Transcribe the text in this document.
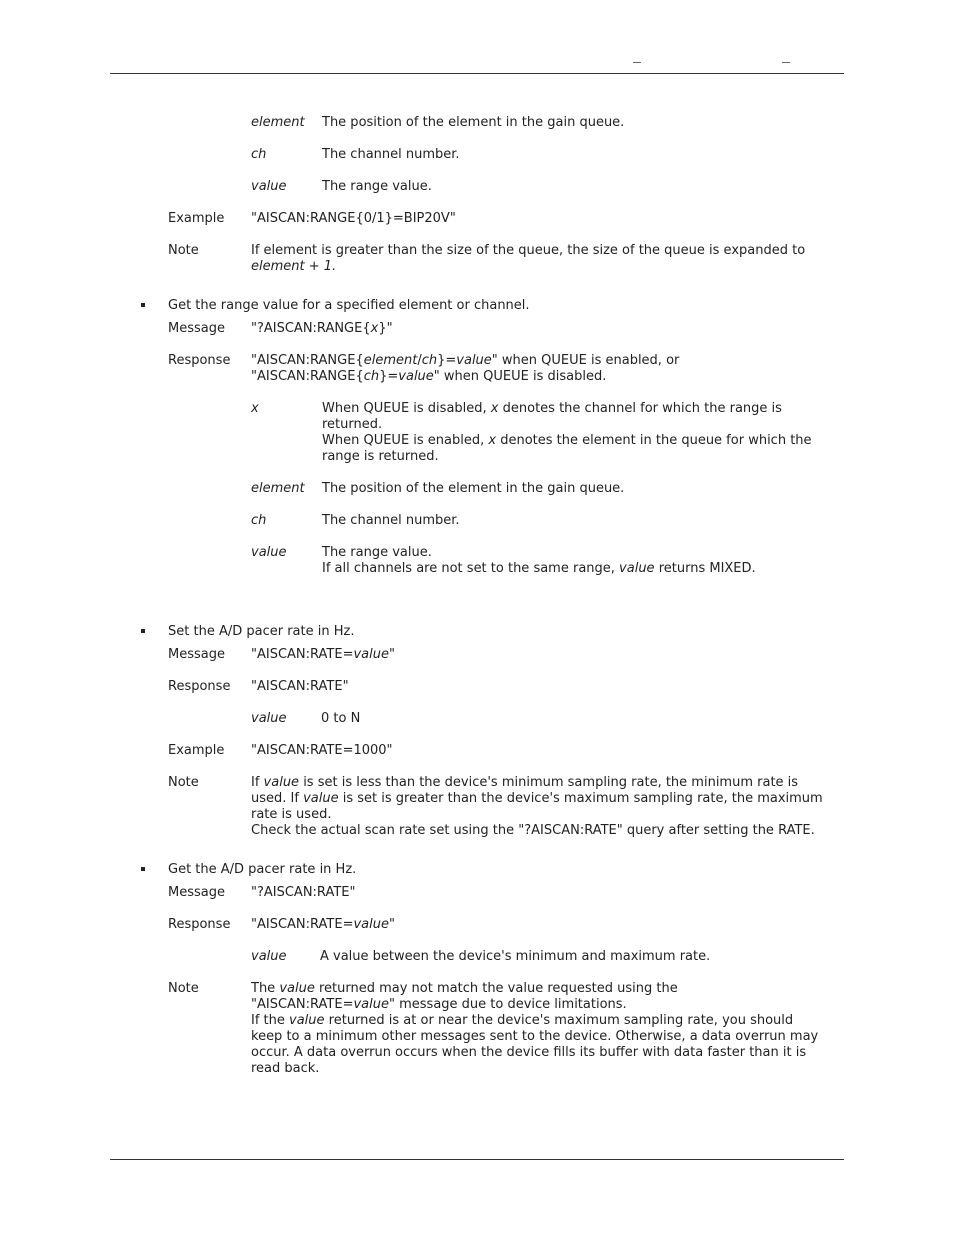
element The position of the element in the gain queue.
ch	The channel number.
value	The range value.
Example "AISCAN:RANGE{0/1}=BIP20V"
Note	If element is greater than the size of the queue, the size of the queue is expanded to
element + 1.
Get the range value for a specified element or channel.
Message "?AISCAN:RANGE{x}"
Response "AISCAN:RANGE{element/ch}=value" when QUEUE is enabled, or
"AISCAN:RANGE{ch}=value" when QUEUE is disabled.
x	When QUEUE is disabled, x denotes the channel for which the range is
returned.
When QUEUE is enabled, x denotes the element in the queue for which the
range is returned.
element The position of the element in the gain queue.
ch	The channel number.
value	The range value.
If all channels are not set to the same range, value returns MIXED.
Set the A/D pacer rate in Hz.
Message "AISCAN:RATE=value"
Response "AISCAN:RATE"
value	0 to N
Example "AISCAN:RATE=1000"
Note	If value is set is less than the device's minimum sampling rate, the minimum rate is
used. If value is set is greater than the device's maximum sampling rate, the maximum
rate is used.
Check the actual scan rate set using the "?AISCAN:RATE" query after setting the RATE.
Get the A/D pacer rate in Hz.
Message "?AISCAN:RATE"
Response "AISCAN:RATE=value"
value	A value between the device's minimum and maximum rate.
Note	The value returned may not match the value requested using the
"AISCAN:RATE=value" message due to device limitations.
If the value returned is at or near the device's maximum sampling rate, you should
keep to a minimum other messages sent to the device. Otherwise, a data overrun may
occur. A data overrun occurs when the device fills its buffer with data faster than it is
read back.
